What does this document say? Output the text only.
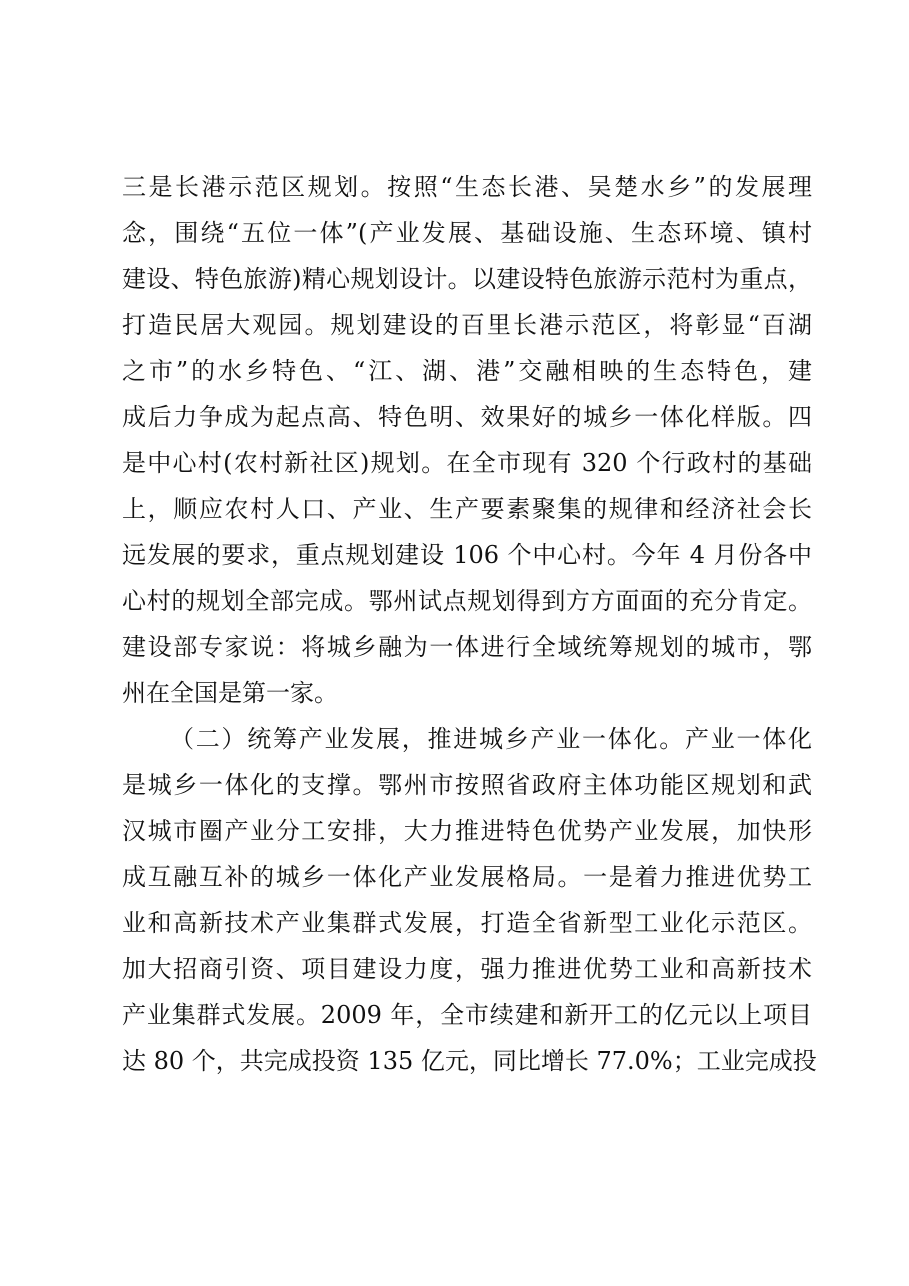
三是长港示范区规划。按照“生态长港、吴楚水乡”的发展理
念，围绕“五位一体”(产业发展、基础设施、生态环境、镇村
建设、特色旅游)精心规划设计。以建设特色旅游示范村为重点，
打造民居大观园。规划建设的百里长港示范区，将彰显“百湖
之市”的水乡特色、“江、湖、港”交融相映的生态特色，建
成后力争成为起点高、特色明、效果好的城乡一体化样版。四
是中心村(农村新社区)规划。在全市现有 320 个行政村的基础
上，顺应农村人口、产业、生产要素聚集的规律和经济社会长
远发展的要求，重点规划建设 106 个中心村。今年 4 月份各中
心村的规划全部完成。鄂州试点规划得到方方面面的充分肯定。
建设部专家说：将城乡融为一体进行全域统筹规划的城市，鄂
州在全国是第一家。
（二）统筹产业发展，推进城乡产业一体化。产业一体化
是城乡一体化的支撑。鄂州市按照省政府主体功能区规划和武
汉城市圈产业分工安排，大力推进特色优势产业发展，加快形
成互融互补的城乡一体化产业发展格局。一是着力推进优势工
业和高新技术产业集群式发展，打造全省新型工业化示范区。
加大招商引资、项目建设力度，强力推进优势工业和高新技术
产业集群式发展。2009 年，全市续建和新开工的亿元以上项目
达 80 个，共完成投资 135 亿元，同比增长 77.0%；工业完成投
